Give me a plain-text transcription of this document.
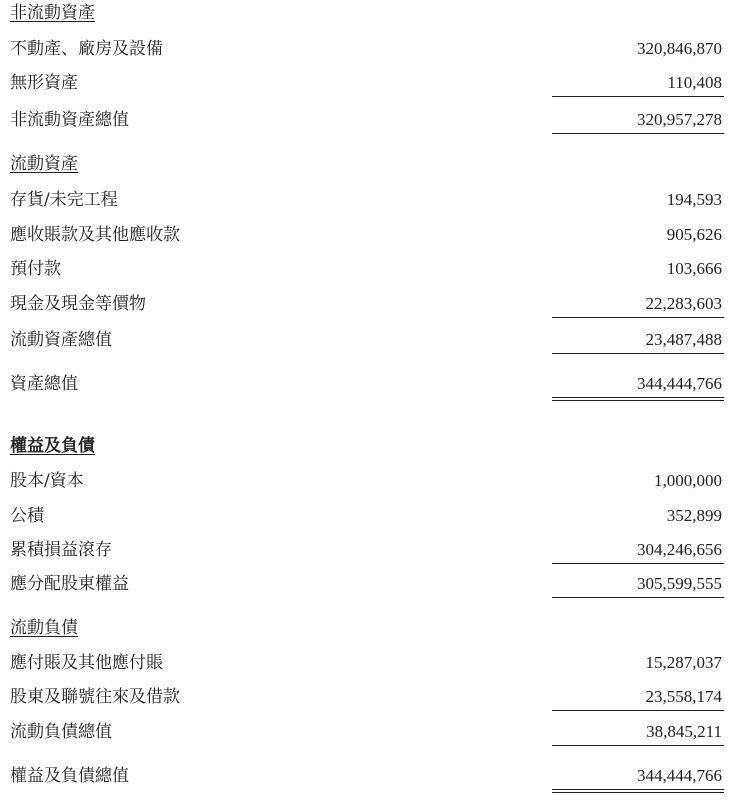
非流動資產
不動產、廠房及設備	320,846,870
無形資產	110,408
非流動資產總值	320,957,278
流動資產
存貨/未完工程	194,593
應收賬款及其他應收款	905,626
預付款	103,666
現金及現金等價物	22,283,603
流動資產總值	23,487,488
資產總值	344,444,766
權益及負債
股本/資本	1,000,000
公積	352,899
累積損益滾存	304,246,656
應分配股東權益	305,599,555
流動負債
應付賬及其他應付賬	15,287,037
股東及聯號往來及借款	23,558,174
流動負債總值	38,845,211
權益及負債總值	344,444,766
